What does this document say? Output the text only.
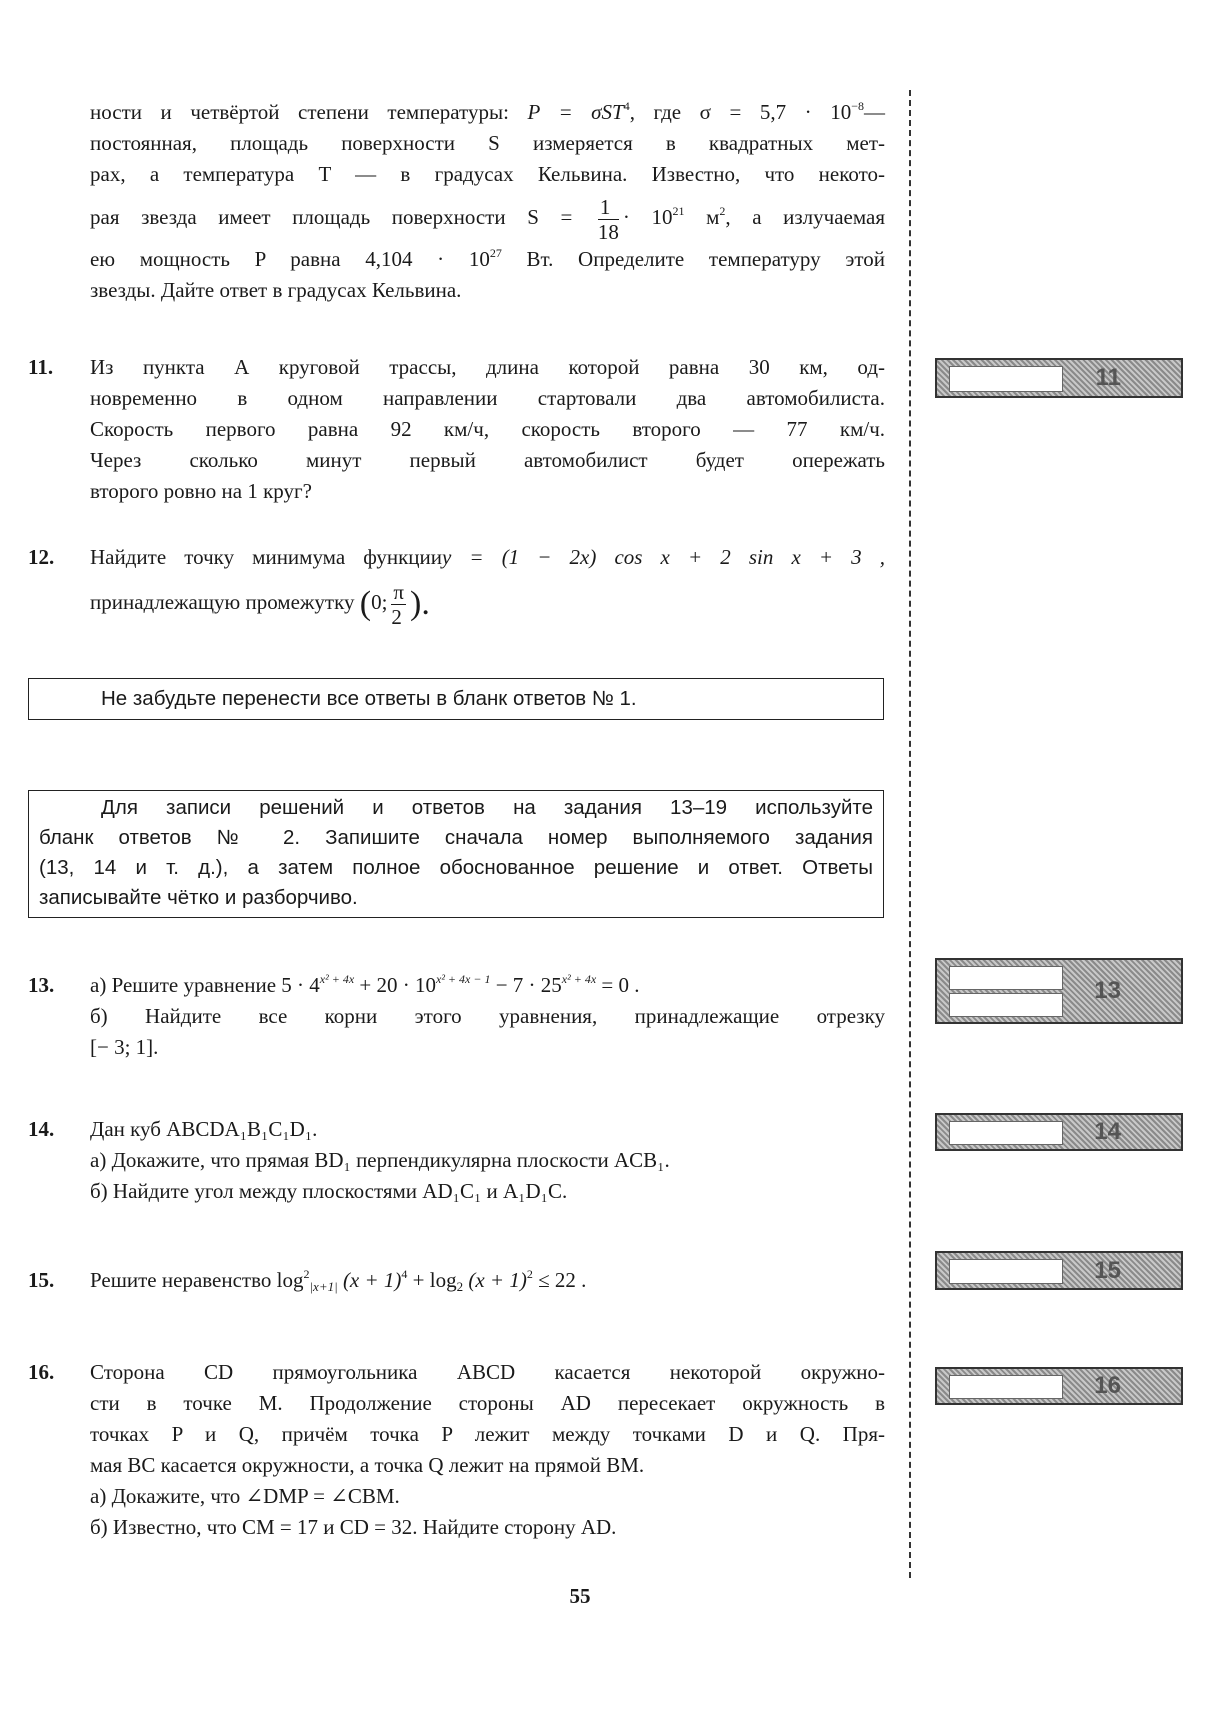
ности и четвёртой степени температуры: P = σST$^4$, где $\sigma = 5,7 \cdot 10^{-8}—$
постоянная, площадь поверхности S измеряется в квадратных мет-
рах, а температура T — в градусах Кельвина. Известно, что некото-
рая звезда имеет площадь поверхности $S = \frac{1}{18} \cdot 10^{21}$ $м^2$, а излучаемая
ею мощность P равна $4,104 \cdot 10^{27}$ Вт. Определите температуру этой
звезды. Дайте ответ в градусах Кельвина.
11. Из пункта А круговой трассы, длина которой равна 30 км, од-
новременно в одном направлении стартовали два автомобилиста.
Скорость первого равна 92 км/ч, скорость второго — 77 км/ч.
Через сколько минут первый автомобилист будет опережать
второго ровно на 1 круг?
12. Найдите точку минимума функцииy = (1 − 2x) cos x + 2 sin x + 3 ,
принадлежащую промежутку (0; $\frac{\pi}{2}$ ).
Не забудьте перенести все ответы в бланк ответов № 1.
Для записи решений и ответов на задания 13–19 используйте
бланк ответов № 2. Запишите сначала номер выполняемого задания
(13, 14 и т. д.), а затем полное обоснованное решение и ответ. Ответы
записывайте чётко и разборчиво.
13. а) Решите уравнение $5 \cdot 4^{x^2 + 4x} + 20 \cdot 10^{x^2 + 4x - 1} - 7 \cdot 25^{x^2 + 4x} = 0$ .
б) Найдите все корни этого уравнения, принадлежащие отрезку
[− 3; 1].
14. Дан куб ABCDA₁B₁C₁D₁.
а) Докажите, что прямая BD₁ перпендикулярна плоскости ACB₁.
б) Найдите угол между плоскостями AD₁C₁ и A₁D₁C.
15. Решите неравенство $\log^2_{|x+1|} (x + 1)^4 + \log_2 (x + 1)^2 \le 22$ .
16. Сторона CD прямоугольника ABCD касается некоторой окружно-
сти в точке M. Продолжение стороны AD пересекает окружность в
точках P и Q, причём точка P лежит между точками D и Q. Пря-
мая BC касается окружности, а точка Q лежит на прямой BM.
а) Докажите, что ∠DMP = ∠CBM.
б) Известно, что CM = 17 и CD = 32. Найдите сторону AD.
11
13
14
15
16
55
